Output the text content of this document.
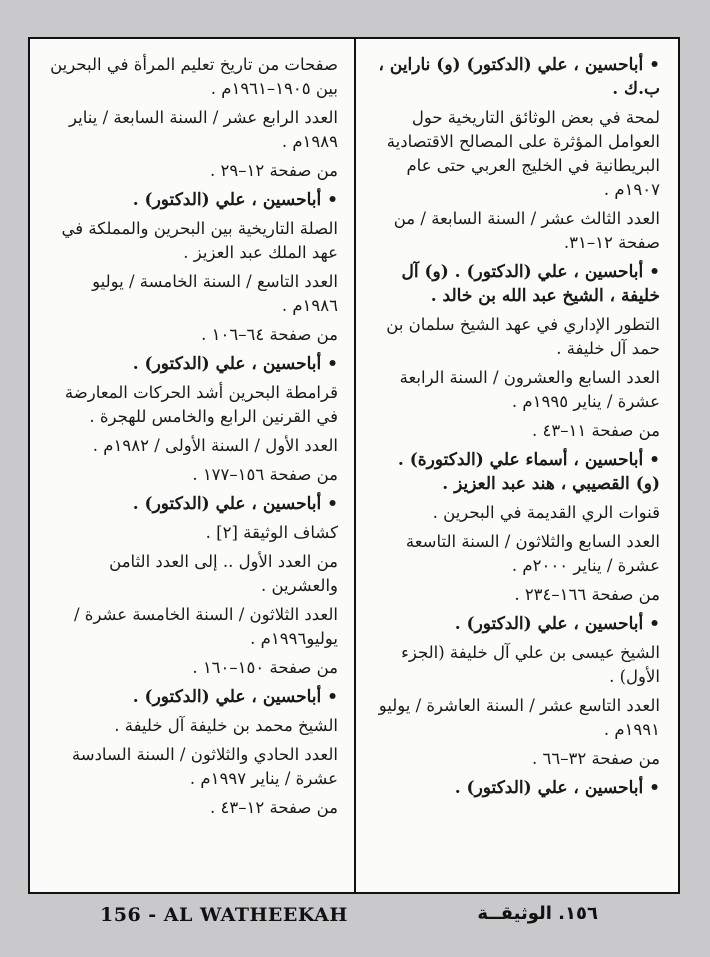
• أباحسين ، علي (الدكتور) (و) ناراين ، ب.ك .

لمحة في بعض الوثائق التاريخية حول العوامل المؤثرة على المصالح الاقتصادية البريطانية في الخليج العربي حتى عام ١٩٠٧م .

العدد الثالث عشر / السنة السابعة / من صفحة ١٢–٣١.

• أباحسين ، علي (الدكتور) . (و) آل خليفة ، الشيخ عبد الله بن خالد .

التطور الإداري في عهد الشيخ سلمان بن حمد آل خليفة .

العدد السابع والعشرون / السنة الرابعة عشرة / يناير ١٩٩٥م .

من صفحة ١١–٤٣ .

• أباحسين ، أسماء علي (الدكتورة) . (و) القصيبي ، هند عبد العزيز .

قنوات الري القديمة في البحرين .

العدد السابع والثلاثون / السنة التاسعة عشرة / يناير ٢٠٠٠م .

من صفحة ١٦٦–٢٣٤ .

• أباحسين ، علي (الدكتور) .

الشيخ عيسى بن علي آل خليفة (الجزء الأول) .

العدد التاسع عشر / السنة العاشرة / يوليو ١٩٩١م .

من صفحة ٣٢–٦٦ .

• أباحسين ، علي (الدكتور) .

صفحات من تاريخ تعليم المرأة في البحرين بين ١٩٠٥–١٩٦١م .

العدد الرابع عشر / السنة السابعة / يناير ١٩٨٩م .

من صفحة ١٢–٢٩ .

• أباحسين ، علي (الدكتور) .

الصلة التاريخية بين البحرين والمملكة في عهد الملك عبد العزيز .

العدد التاسع / السنة الخامسة / يوليو ١٩٨٦م .

من صفحة ٦٤–١٠٦ .

• أباحسين ، علي (الدكتور) .

قرامطة البحرين أشد الحركات المعارضة في القرنين الرابع والخامس للهجرة .

العدد الأول / السنة الأولى / ١٩٨٢م .

من صفحة ١٥٦–١٧٧ .

• أباحسين ، علي (الدكتور) .

كشاف الوثيقة [٢] .

من العدد الأول .. إلى العدد الثامن والعشرين .

العدد الثلاثون / السنة الخامسة عشرة / يوليو١٩٩٦م .

من صفحة ١٥٠–١٦٠ .

• أباحسين ، علي (الدكتور) .

الشيخ محمد بن خليفة آل خليفة .

العدد الحادي والثلاثون / السنة السادسة عشرة / يناير ١٩٩٧م .

من صفحة ١٢–٤٣ .

156 - AL WATHEEKAH	١٥٦. الوثيقــة
